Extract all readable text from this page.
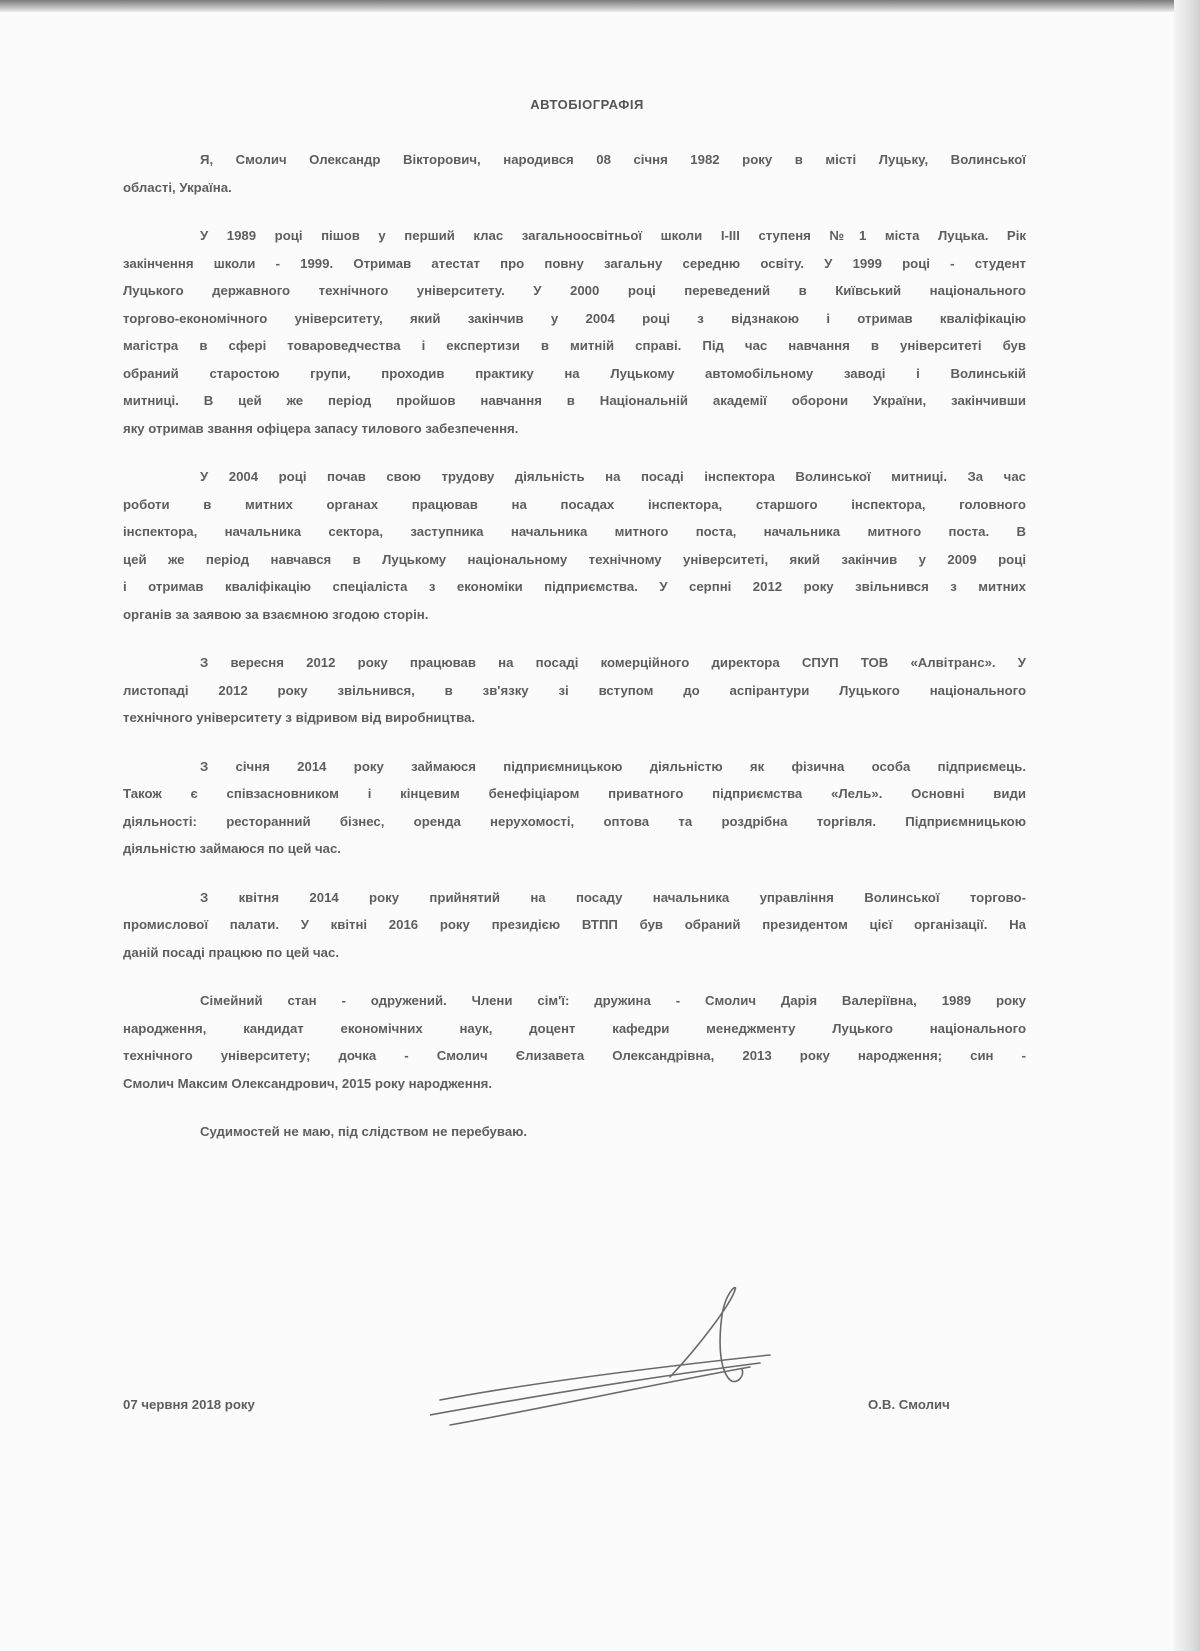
АВТОБІОГРАФІЯ
Я, Смолич Олександр Вікторович, народився 08 січня 1982 року в місті Луцьку, Волинської
області, Україна.
У 1989 році пішов у перший клас загальноосвітньої школи І-ІІІ ступеня №1 міста Луцька. Рік
закінчення школи - 1999. Отримав атестат про повну загальну середню освіту. У 1999 році - студент
Луцького державного технічного університету. У 2000 році переведений в Київський національного
торгово-економічного університету, який закінчив у 2004 році з відзнакою і отримав кваліфікацію
магістра в сфері товароведчества і експертизи в митній справі. Під час навчання в університеті був
обраний старостою групи, проходив практику на Луцькому автомобільному заводі і Волинській
митниці. В цей же період пройшов навчання в Національній академії оборони України, закінчивши
яку отримав звання офіцера запасу тилового забезпечення.
У 2004 році почав свою трудову діяльність на посаді інспектора Волинської митниці. За час
роботи в митних органах працював на посадах інспектора, старшого інспектора, головного
інспектора, начальника сектора, заступника начальника митного поста, начальника митного поста. В
цей же період навчався в Луцькому національному технічному університеті, який закінчив у 2009 році
і отримав кваліфікацію спеціаліста з економіки підприємства. У серпні 2012 року звільнився з митних
органів за заявою за взаємною згодою сторін.
З вересня 2012 року працював на посаді комерційного директора СПУП ТОВ «Алвітранс». У
листопаді 2012 року звільнився, в зв'язку зі вступом до аспірантури Луцького національного
технічного університету з відривом від виробництва.
З січня 2014 року займаюся підприємницькою діяльністю як фізична особа підприємець.
Також є співзасновником і кінцевим бенефіціаром приватного підприємства «Лель». Основні види
діяльності: ресторанний бізнес, оренда нерухомості, оптова та роздрібна торгівля. Підприємницькою
діяльністю займаюся по цей час.
З квітня 2014 року прийнятий на посаду начальника управління Волинської торгово-
промислової палати. У квітні 2016 року президією ВТПП був обраний президентом цієї організації. На
даній посаді працюю по цей час.
Сімейний стан - одружений. Члени сім'ї: дружина - Смолич Дарія Валеріївна, 1989 року
народження, кандидат економічних наук, доцент кафедри менеджменту Луцького національного
технічного університету; дочка - Смолич Єлизавета Олександрівна, 2013 року народження; син -
Смолич Максим Олександрович, 2015 року народження.
Судимостей не маю, під слідством не перебуваю.
07 червня 2018 року	О.В. Смолич
